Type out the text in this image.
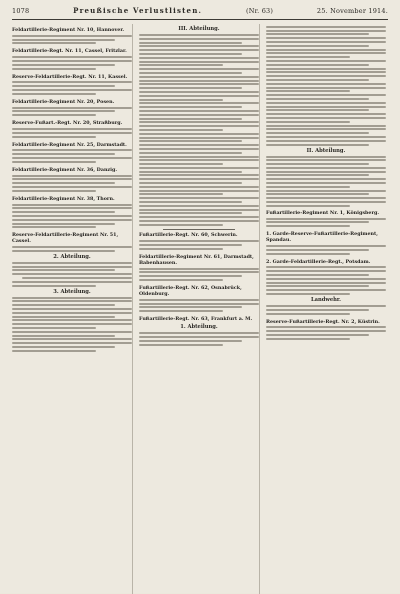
1078	Preußische Verlustlisten.	(Nr. 63)	25. November 1914.
Feldartillerie-Regiment Nr. 10, Hannover.
Feldartillerie-Regt. Nr. 11, Cassel, Fritzlar.
Reserve-Feldartillerie-Regt. Nr. 11, Kassel.
Feldartillerie-Regiment Nr. 20, Posen.
Reserve-Fußart.-Regt. Nr. 20, Straßburg.
Feldartillerie-Regiment Nr. 25, Darmstadt.
Feldartillerie-Regiment Nr. 36, Danzig.
Feldartillerie-Regiment Nr. 38, Thorn.
Reserve-Feldartillerie-Regiment Nr. 51, Cassel.
2. Abteilung.
3. Abteilung.
III. Abteilung.
Fußartillerie-Regt. Nr. 60, Schwerin.
Feldartillerie-Regiment Nr. 61, Darmstadt, Babenhausen.
Fußartillerie-Regt. Nr. 62, Osnabrück, Oldenburg.
Fußartillerie-Regt. Nr. 63, Frankfurt a. M.
1. Abteilung.
II. Abteilung.
Fußartillerie-Regiment Nr. 1, Königsberg.
1. Garde-Reserve-Fußartillerie-Regiment, Spandau.
2. Garde-Feldartillerie-Regt., Potsdam.
Landwehr.
Reserve-Fußartillerie-Regt. Nr. 2, Küstrin.
